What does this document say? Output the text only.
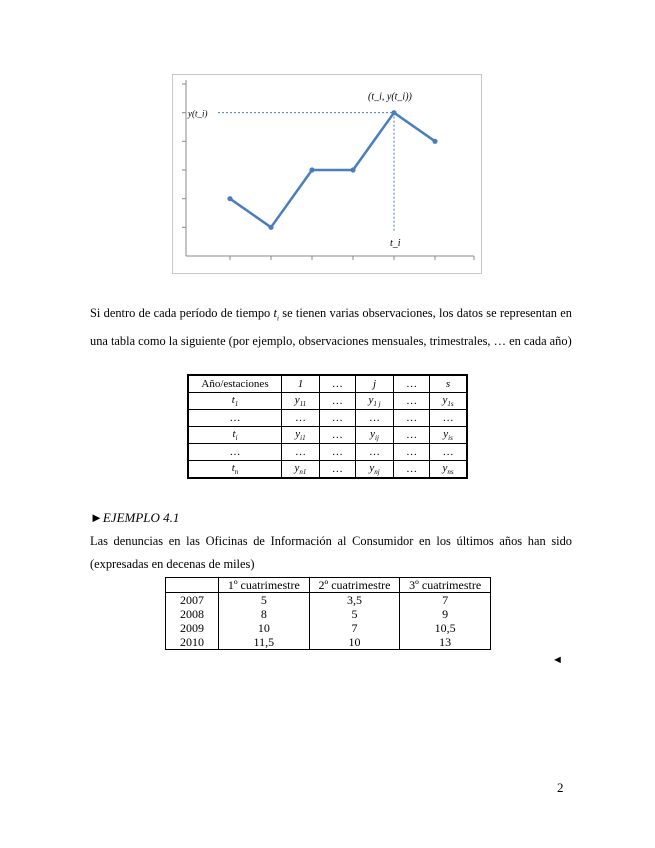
y(t_i)
(t_i, y(t_i))
t_i
Si dentro de cada período de tiempo $t_i$ se tienen varias observaciones, los datos se representan en una tabla como la siguiente (por ejemplo, observaciones mensuales, trimestrales, … en cada año)
Año/estaciones	1	…	j	…	s
$t_1$	$y_{11}$	…	$y_{1 j}$	…	$y_{1s}$
…	…	…	…	…	…
$t_i$	$y_{i1}$	…	$y_{ij}$	…	$y_{is}$
…	…	…	…	…	…
$t_n$	$y_{n1}$	…	$y_{nj}$	…	$y_{ns}$
►EJEMPLO 4.1
Las denuncias en las Oficinas de Información al Consumidor en los últimos años han sido (expresadas en decenas de miles)
	1º cuatrimestre	2º cuatrimestre	3º cuatrimestre
2007	5	3,5	7
2008	8	5	9
2009	10	7	10,5
2010	11,5	10	13
◄
2
